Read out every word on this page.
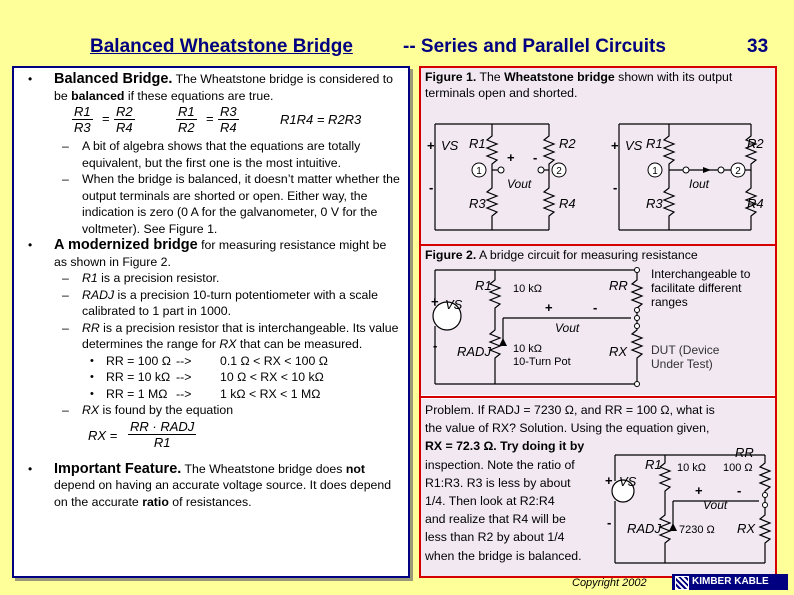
Balanced Wheatstone Bridge	-- Series and Parallel Circuits	33
• Balanced Bridge. The Wheatstone bridge is considered to be balanced if these equations are true.
$\frac{R1}{R3} = \frac{R2}{R4}$	$\frac{R1}{R2} = \frac{R3}{R4}$	R1R4 = R2R3
– A bit of algebra shows that the equations are totally equivalent, but the first one is the most intuitive.
– When the bridge is balanced, it doesn’t matter whether the output terminals are shorted or open. Either way, the indication is zero (0 A for the galvanometer, 0 V for the voltmeter). See Figure 1.
• A modernized bridge for measuring resistance might be as shown in Figure 2.
– R1 is a precision resistor.
– RADJ is a precision 10-turn potentiometer with a scale calibrated to 1 part in 1000.
– RR is a precision resistor that is interchangeable. Its value determines the range for RX that can be measured.
• RR = 100 Ω --> 0.1 Ω < RX < 100 Ω
• RR = 10 kΩ --> 10 Ω < RX < 10 kΩ
• RR = 1 MΩ --> 1 kΩ < RX < 1 MΩ
– RX is found by the equation
RX =
RR · RADJ
R1
• Important Feature. The Wheatstone bridge does not depend on having an accurate voltage source. It does depend on the accurate ratio of resistances.
Figure 1. The Wheatstone bridge shown with its output terminals open and shorted.
+ VS
-
R1	R2
R3	R4
+ -
Vout
+ VS
-
R1	R2
R3	R4
Iout
1	2	1	2
Figure 2. A bridge circuit for measuring resistance
+ VS
-
R1	RR
+	-
Vout
RADJ	RX
10 kΩ
10 kΩ
10-Turn Pot
Interchangeable to
facilitate different
ranges
DUT (Device
Under Test)
Problem. If RADJ = 7230 Ω, and RR = 100 Ω, what is
the value of RX? Solution. Using the equation given,
RX = 72.3 Ω. Try doing it by
inspection. Note the ratio of
R1:R3. R3 is less by about
1/4. Then look at R2:R4
and realize that R4 will be
less than R2 by about 1/4
when the bridge is balanced.
+ VS
-
R1
RR
+	-
Vout
RADJ	RX
10 kΩ 100 Ω
7230 Ω
Copyright 2002	KIMBER KABLE
